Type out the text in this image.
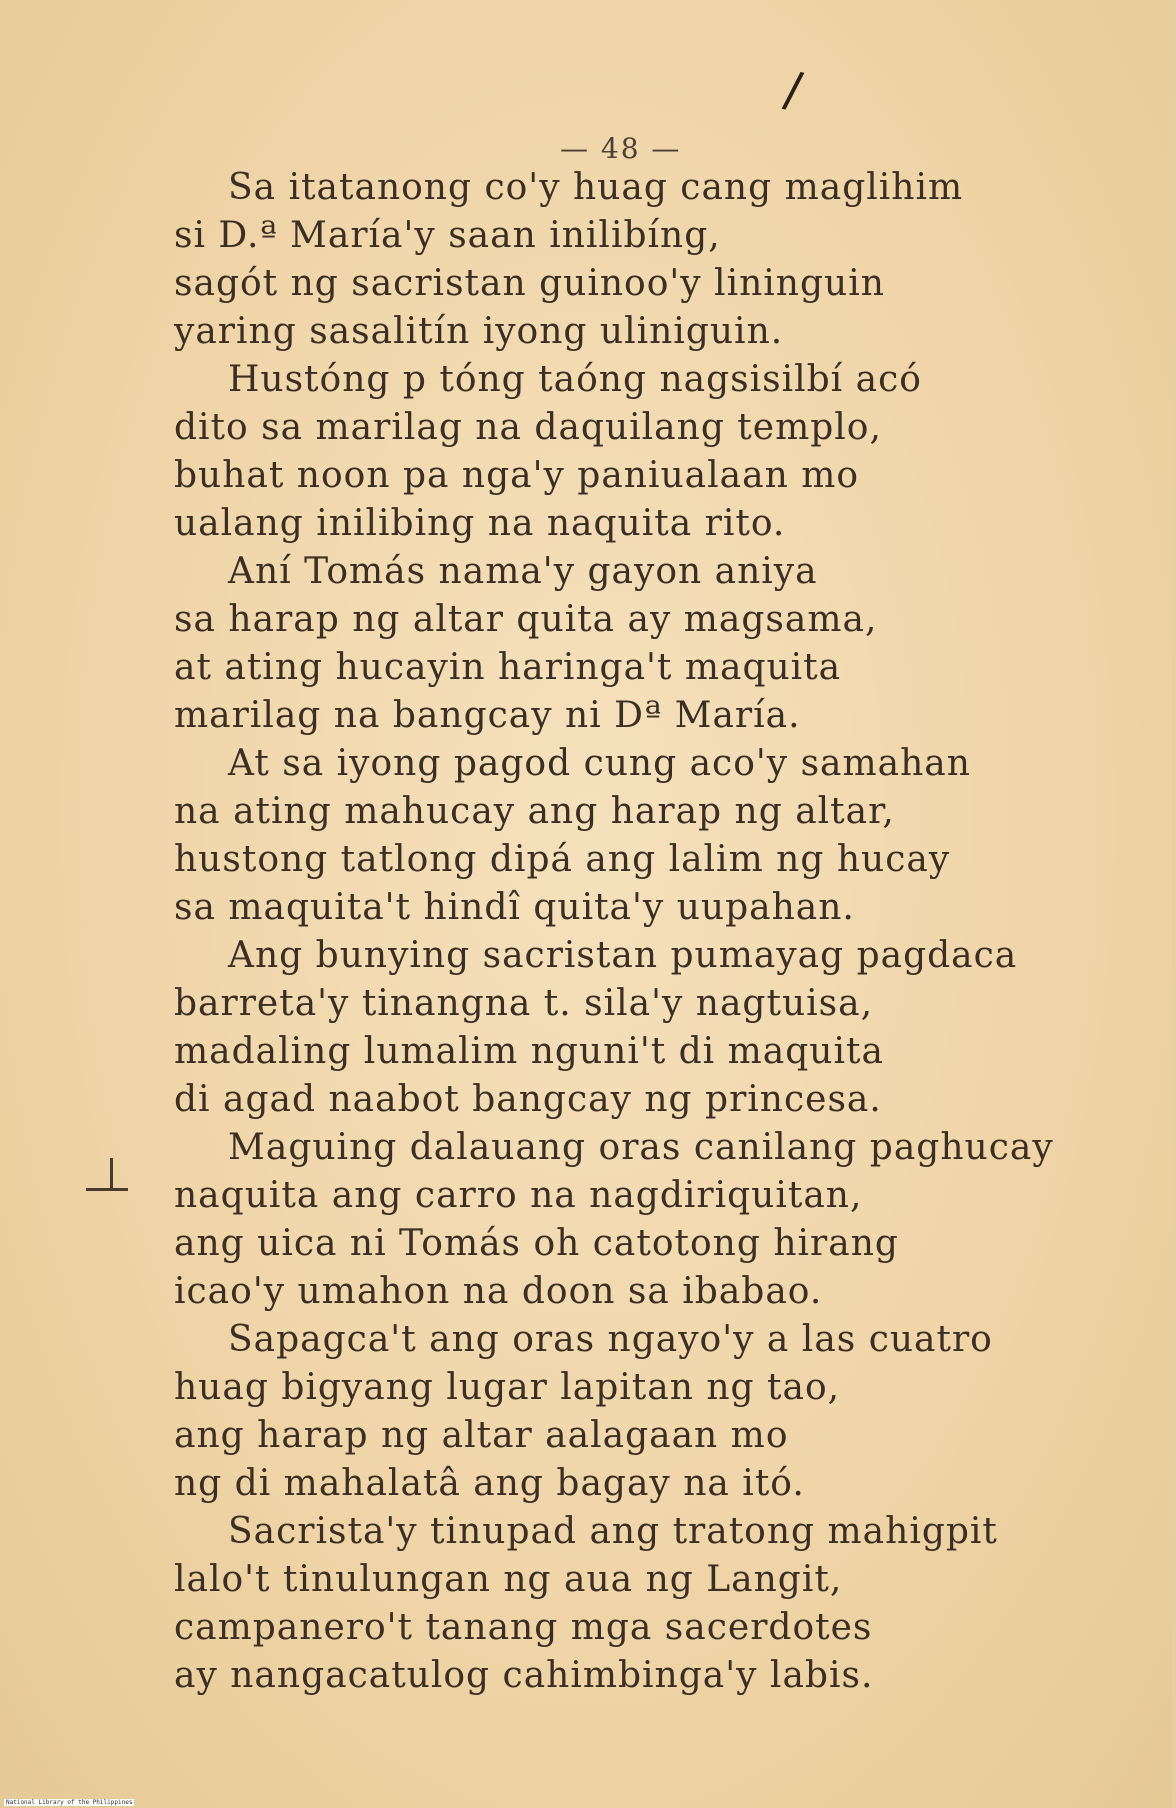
/
— 48 —
Sa itatanong co'y huag cang maglihim
si D.ª María'y saan inilibíng,
sagót ng sacristan guinoo'y lininguin
yaring sasalitín iyong uliniguin.
Hustóng p tóng taóng nagsisilbí acó
dito sa marilag na daquilang templo,
buhat noon pa nga'y paniualaan mo
ualang inilibing na naquita rito.
Aní Tomás nama'y gayon aniya
sa harap ng altar quita ay magsama,
at ating hucayin haringa't maquita
marilag na bangcay ni Dª María.
At sa iyong pagod cung aco'y samahan
na ating mahucay ang harap ng altar,
hustong tatlong dipá ang lalim ng hucay
sa maquita't hindî quita'y uupahan.
Ang bunying sacristan pumayag pagdaca
barreta'y tinangna t. sila'y nagtuisa,
madaling lumalim nguni't di maquita
di agad naabot bangcay ng princesa.
Maguing dalauang oras canilang paghucay
naquita ang carro na nagdiriquitan,
ang uica ni Tomás oh catotong hirang
icao'y umahon na doon sa ibabao.
Sapagca't ang oras ngayo'y a las cuatro
huag bigyang lugar lapitan ng tao,
ang harap ng altar aalagaan mo
ng di mahalatâ ang bagay na itó.
Sacrista'y tinupad ang tratong mahigpit
lalo't tinulungan ng aua ng Langit,
campanero't tanang mga sacerdotes
ay nangacatulog cahimbinga'y labis.
National Library of the Philippines
